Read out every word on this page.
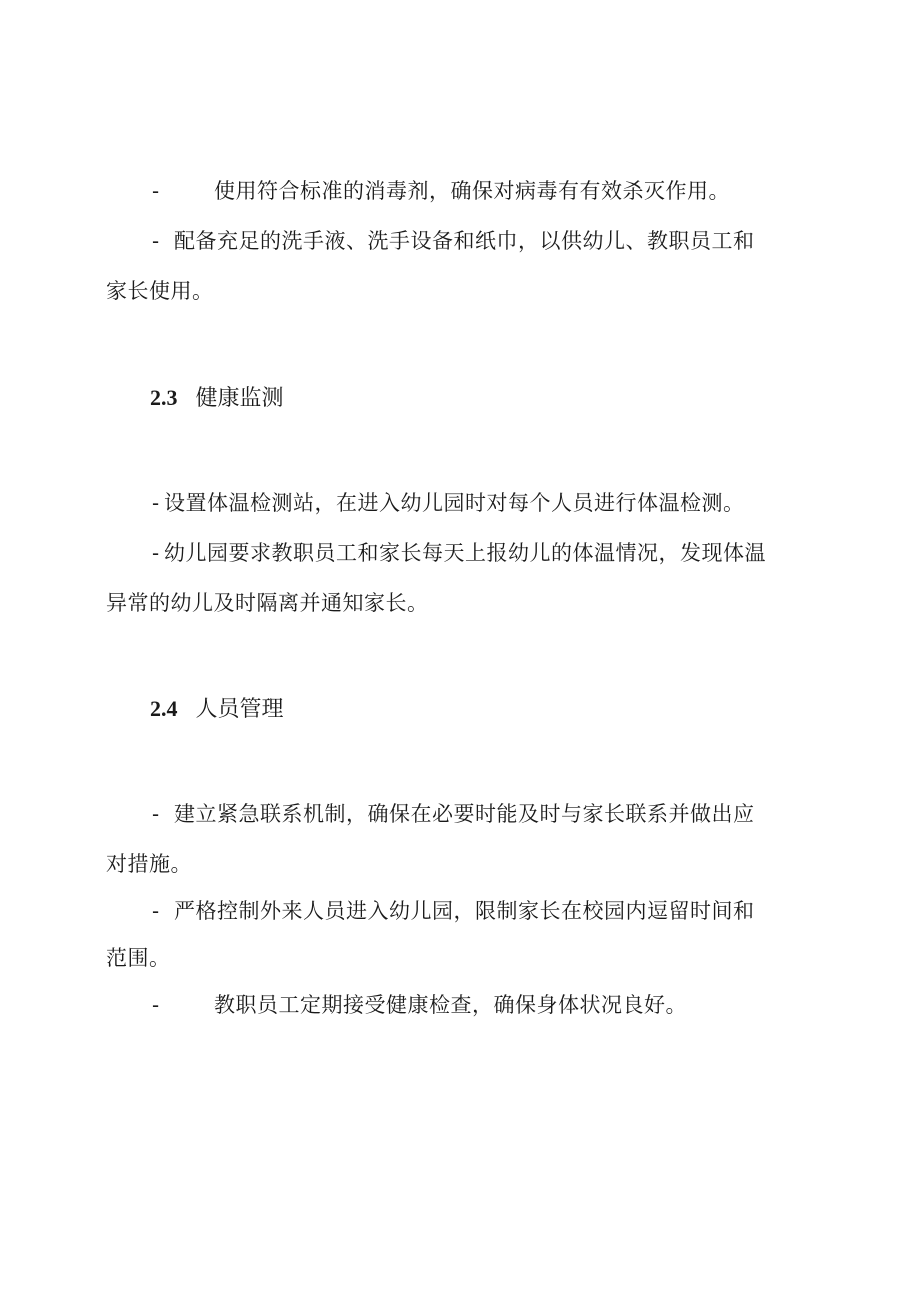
-	使用符合标准的消毒剂，确保对病毒有有效杀灭作用。
- 配备充足的洗手液、洗手设备和纸巾，以供幼儿、教职员工和
家长使用。
2.3 健康监测
- 设置体温检测站，在进入幼儿园时对每个人员进行体温检测。
- 幼儿园要求教职员工和家长每天上报幼儿的体温情况，发现体温
异常的幼儿及时隔离并通知家长。
2.4 人员管理
- 建立紧急联系机制，确保在必要时能及时与家长联系并做出应
对措施。
- 严格控制外来人员进入幼儿园，限制家长在校园内逗留时间和
范围。
-	教职员工定期接受健康检查，确保身体状况良好。
